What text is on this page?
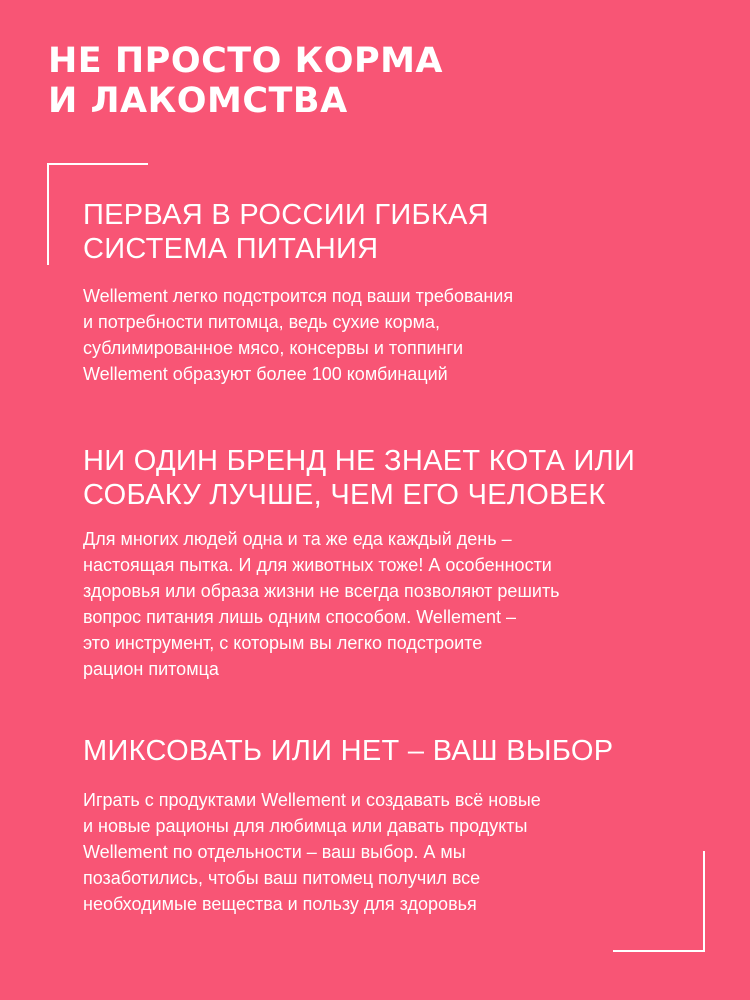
НЕ ПРОСТО КОРМА
И ЛАКОМСТВА
ПЕРВАЯ В РОССИИ ГИБКАЯ
СИСТЕМА ПИТАНИЯ

Wellement легко подстроится под ваши требования
и потребности питомца, ведь сухие корма,
сублимированное мясо, консервы и топпинги
Wellement образуют более 100 комбинаций

НИ ОДИН БРЕНД НЕ ЗНАЕТ КОТА ИЛИ
СОБАКУ ЛУЧШЕ, ЧЕМ ЕГО ЧЕЛОВЕК

Для многих людей одна и та же еда каждый день –
настоящая пытка. И для животных тоже! А особенности
здоровья или образа жизни не всегда позволяют решить
вопрос питания лишь одним способом. Wellement –
это инструмент, с которым вы легко подстроите
рацион питомца

МИКСОВАТЬ ИЛИ НЕТ – ВАШ ВЫБОР

Играть с продуктами Wellement и создавать всё новые
и новые рационы для любимца или давать продукты
Wellement по отдельности – ваш выбор. А мы
позаботились, чтобы ваш питомец получил все
необходимые вещества и пользу для здоровья
